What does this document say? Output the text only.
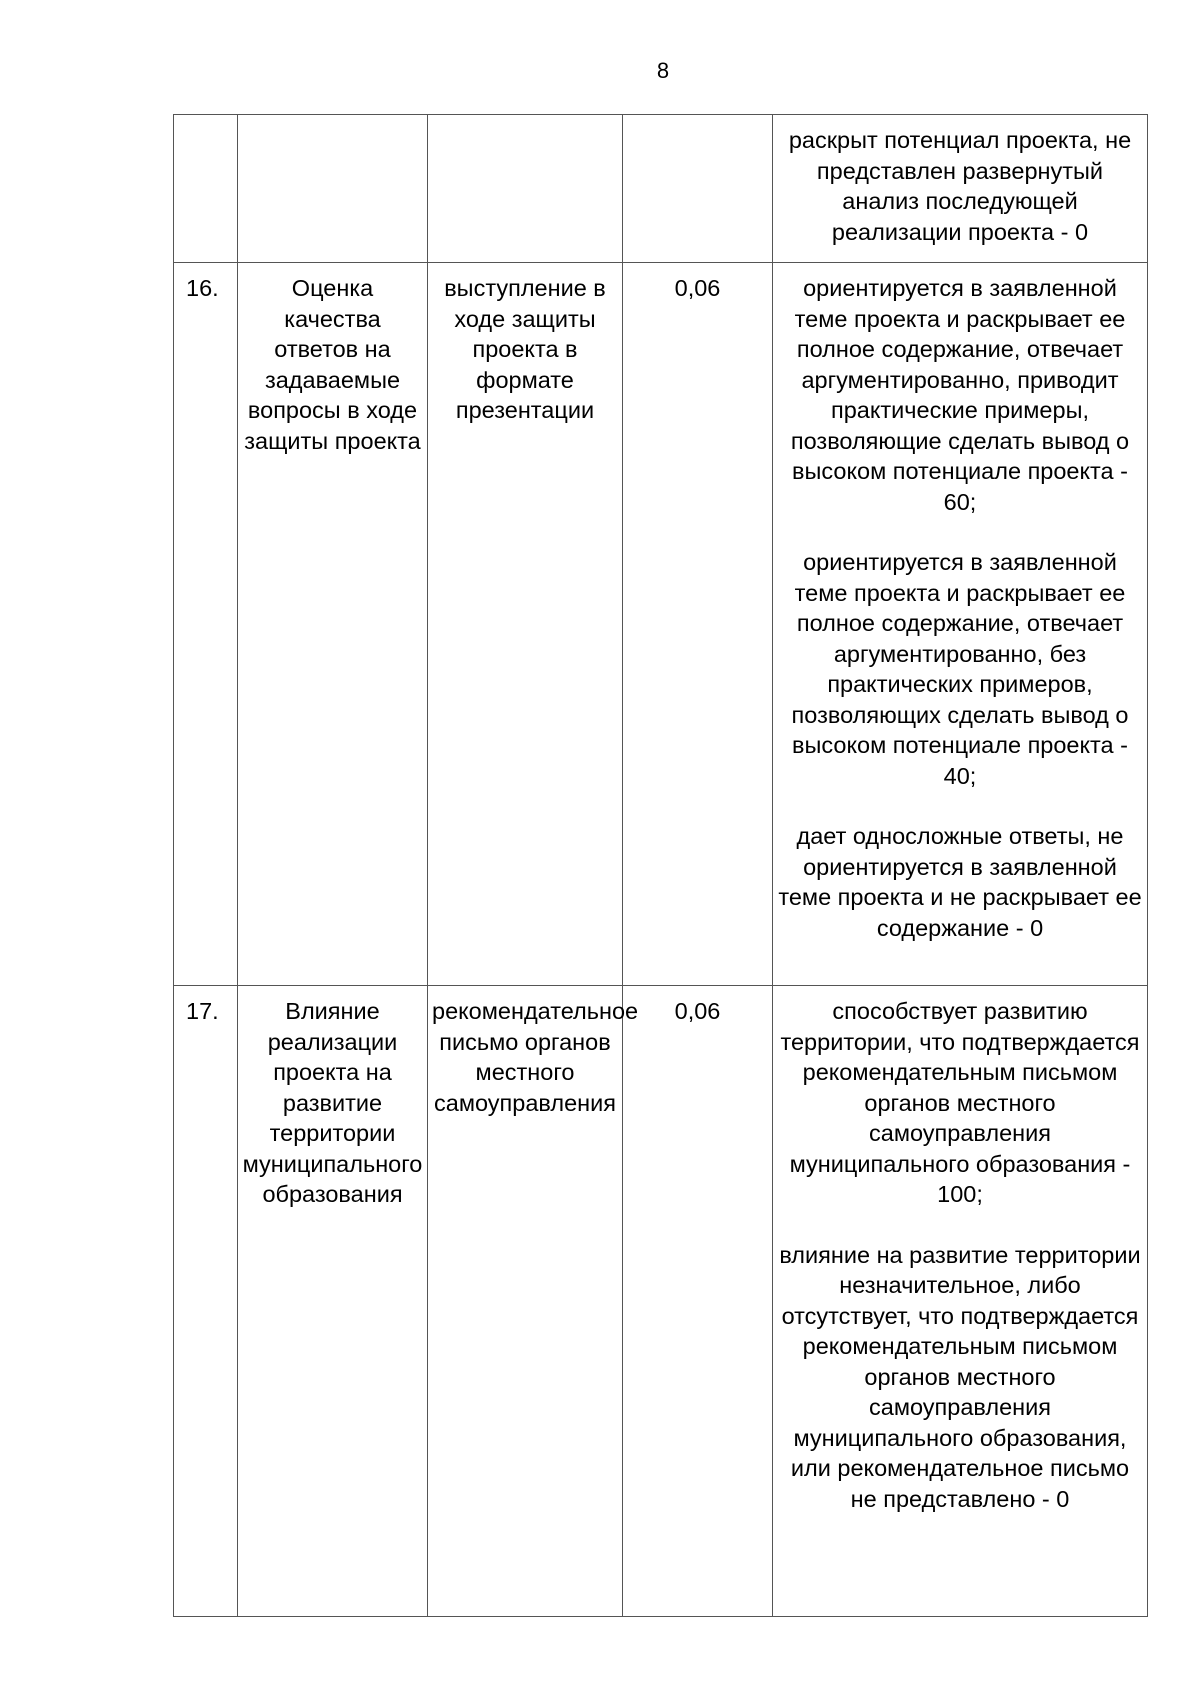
8

				раскрыт потенциал проекта, не представлен развернутый анализ последующей реализации проекта - 0

16.	Оценка качества ответов на задаваемые вопросы в ходе защиты проекта	выступление в ходе защиты проекта в формате презентации	0,06	ориентируется в заявленной теме проекта и раскрывает ее полное содержание, отвечает аргументированно, приводит практические примеры, позволяющие сделать вывод о высоком потенциале проекта - 60;
ориентируется в заявленной теме проекта и раскрывает ее полное содержание, отвечает аргументированно, без практических примеров, позволяющих сделать вывод о высоком потенциале проекта - 40;
дает односложные ответы, не ориентируется в заявленной теме проекта и не раскрывает ее содержание - 0

17.	Влияние реализации проекта на развитие территории муниципального образования	рекомендательное письмо органов местного самоуправления	0,06	способствует развитию территории, что подтверждается рекомендательным письмом органов местного самоуправления муниципального образования - 100;
влияние на развитие территории незначительное, либо отсутствует, что подтверждается рекомендательным письмом органов местного самоуправления муниципального образования, или рекомендательное письмо не представлено - 0
